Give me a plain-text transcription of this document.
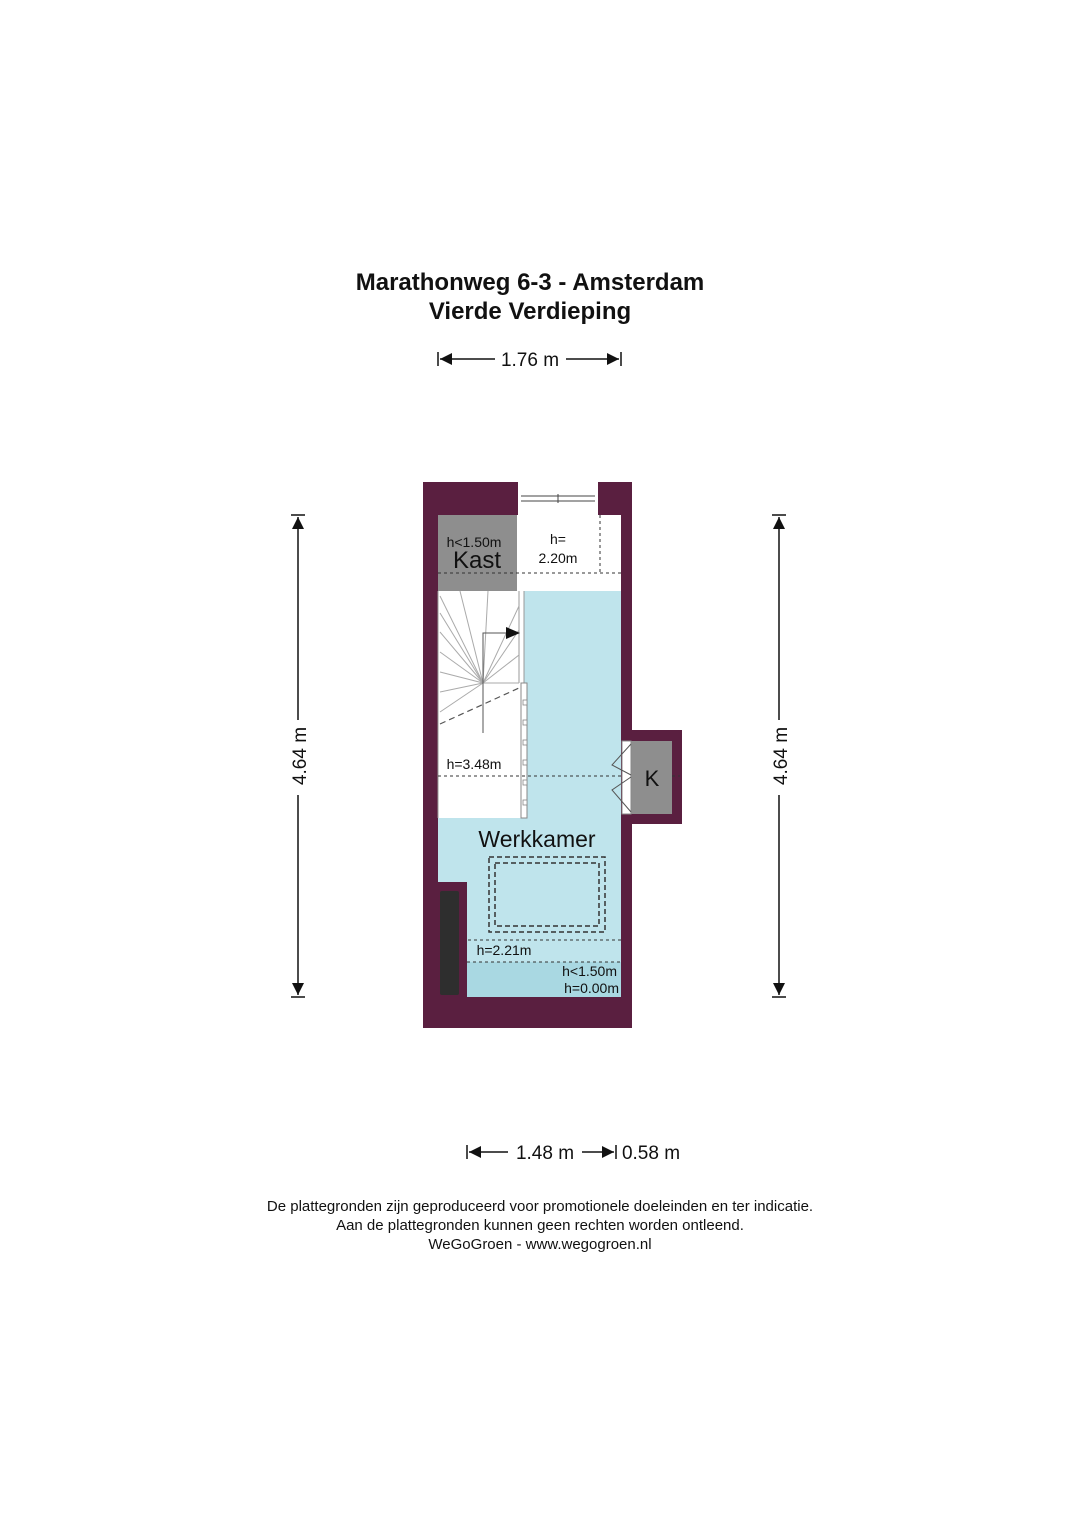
Marathonweg 6-3 - Amsterdam
Vierde Verdieping
1.76 m
4.64 m	4.64 m
h<1.50m
Kast
h=
2.20m
h=3.48m
K
Werkkamer
h=2.21m
h<1.50m
h=0.00m
1.48 m	0.58 m
De plattegronden zijn geproduceerd voor promotionele doeleinden en ter indicatie.
Aan de plattegronden kunnen geen rechten worden ontleend.
WeGoGroen - www.wegogroen.nl
